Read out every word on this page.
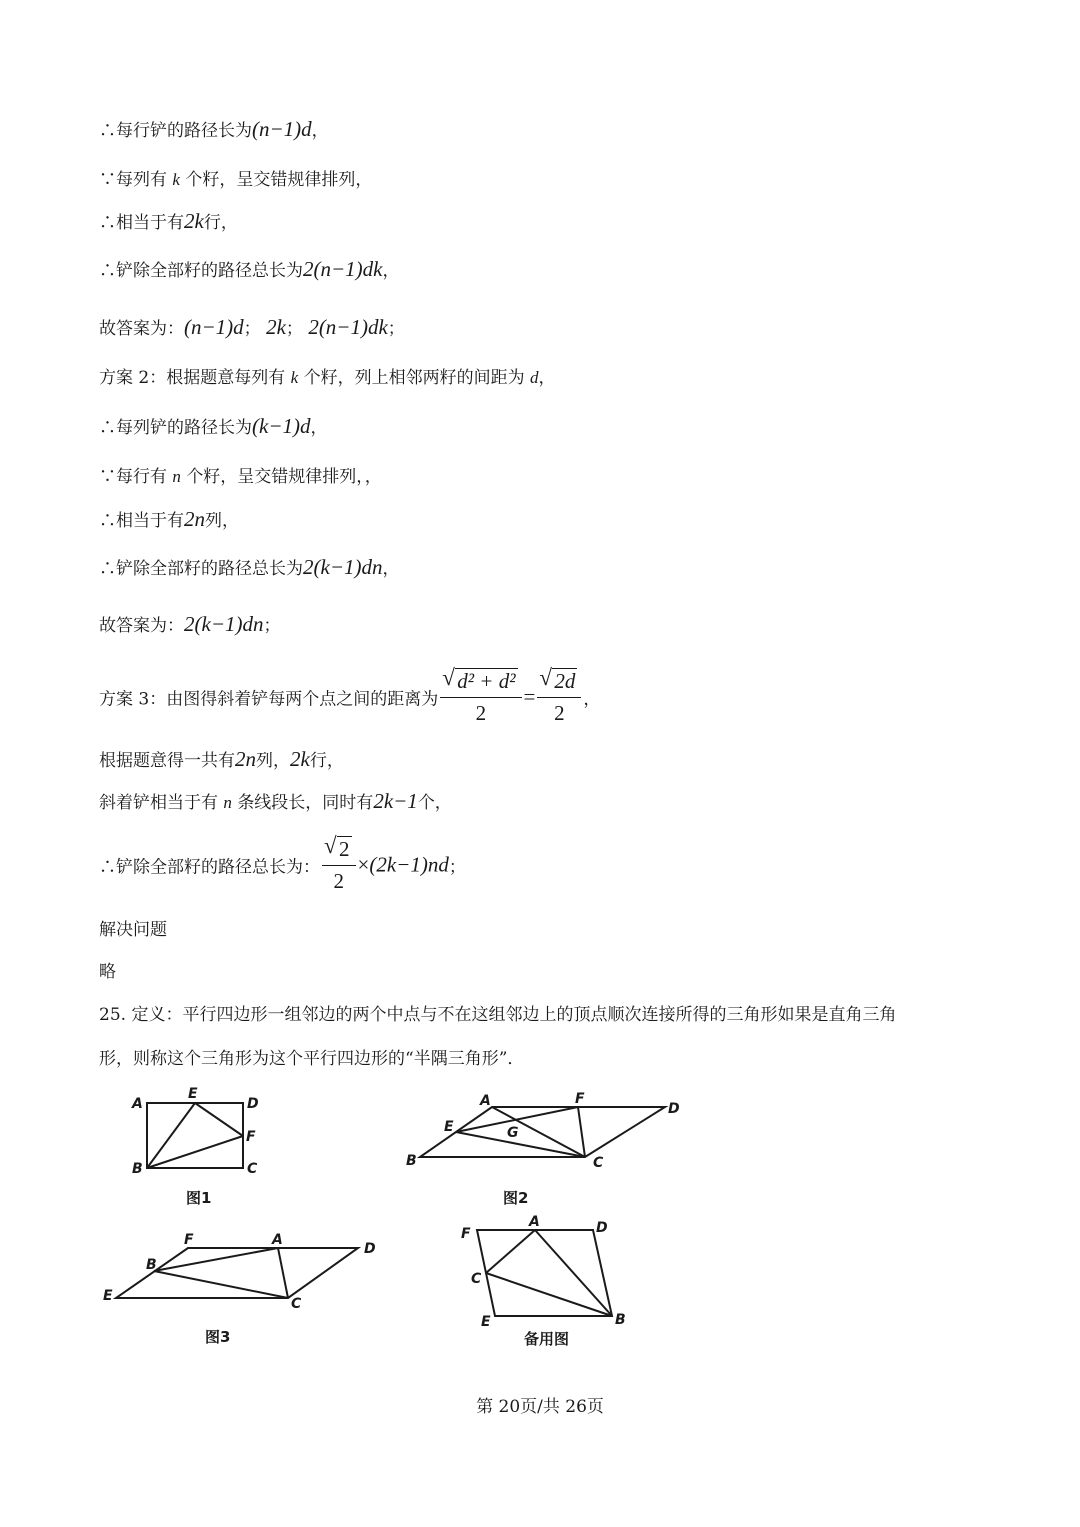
∴每行铲的路径长为(n−1)d，
∵每列有 k 个籽，呈交错规律排列，
∴相当于有2k行，
∴铲除全部籽的路径总长为2(n−1)dk，
故答案为：(n−1)d； 2k； 2(n−1)dk；
方案 2：根据题意每列有 k 个籽，列上相邻两籽的间距为 d，
∴每列铲的路径长为(k−1)d，
∵每行有 n 个籽，呈交错规律排列，，
∴相当于有2n列，
∴铲除全部籽的路径总长为2(k−1)dn，
故答案为：2(k−1)dn；
方案 3：由图得斜着铲每两个点之间的距离为 √ $\frac{\text{d² + d²}}{2}$ = √ $\frac{2d}{2}$ ，
根据题意得一共有2n列，2k行，
斜着铲相当于有 n 条线段长，同时有2k−1个，
∴铲除全部籽的路径总长为： √ $\frac{2}{2} \times(2k-1)nd$；
解决问题
略
25. 定义：平行四边形一组邻边的两个中点与不在这组邻边上的顶点顺次连接所得的三角形如果是直角三角
形，则称这个三角形为这个平行四边形的“半隅三角形”．
A
E
D
F
B	C
图1
A	F
D
E	G
B	C
图2
F	A
D
B
E	C
图3
F
A	D
C
E	B
备用图
第 20页/共 26页
